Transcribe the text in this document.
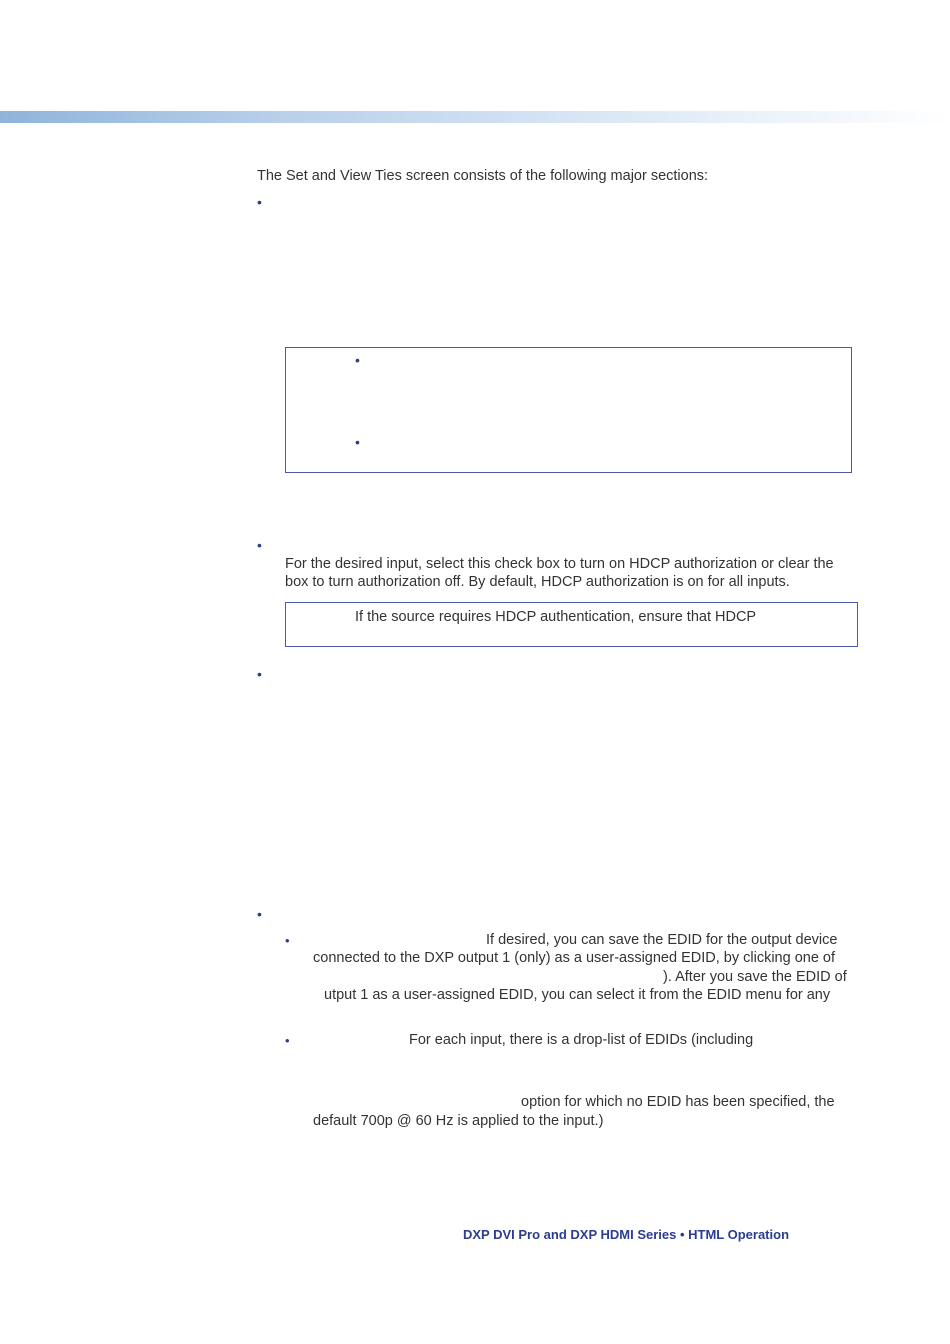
The Set and View Ties screen consists of the following major sections:
•
•
•
•
For the desired input, select this check box to turn on HDCP authorization or clear the
box to turn authorization off. By default, HDCP authorization is on for all inputs.
If the source requires HDCP authentication, ensure that HDCP
•
•
•	If desired, you can save the EDID for the output device
connected to the DXP output 1 (only) as a user-assigned EDID, by clicking one of
). After you save the EDID of
utput 1 as a user-assigned EDID, you can select it from the EDID menu for any
•	For each input, there is a drop-list of EDIDs (including
option for which no EDID has been specified, the
default 700p @ 60 Hz is applied to the input.)
DXP DVI Pro and DXP HDMI Series • HTML Operation
